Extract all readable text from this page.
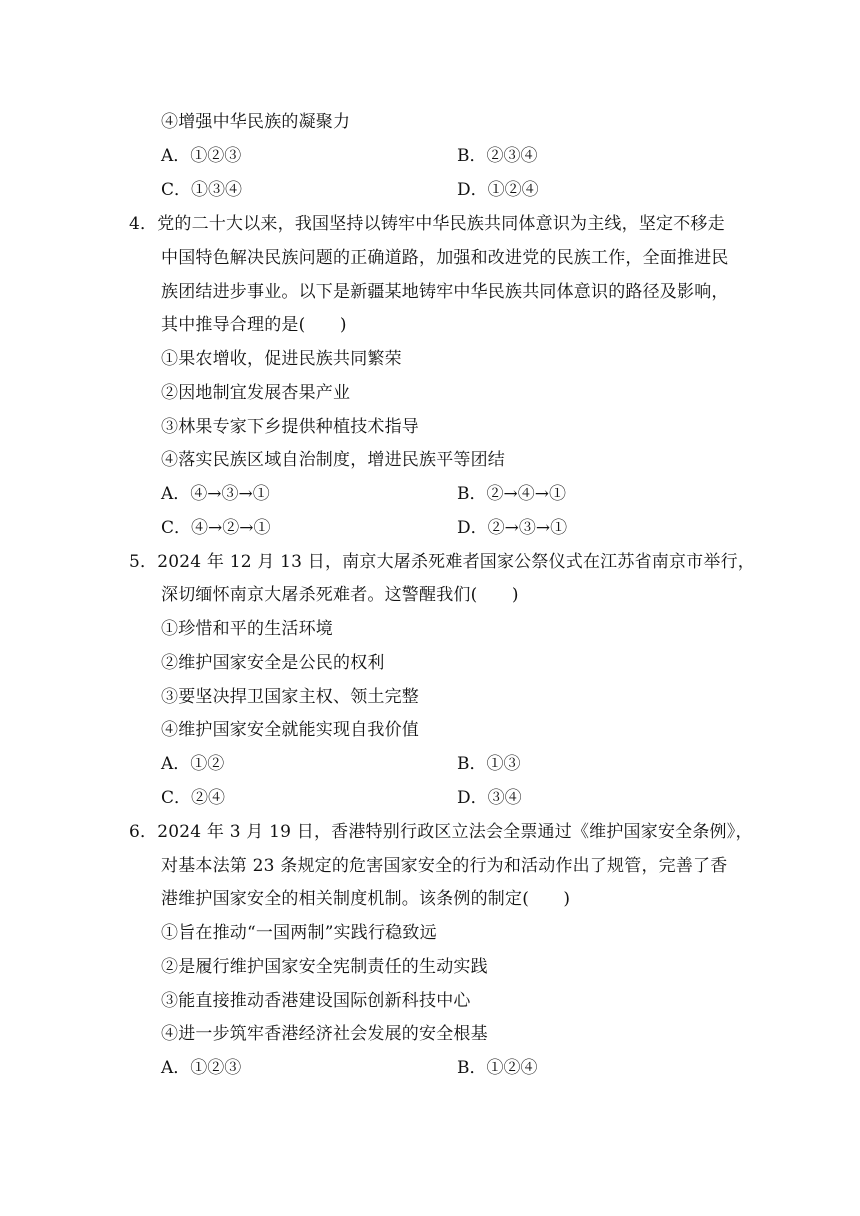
④增强中华民族的凝聚力
A．①②③	B．②③④
C．①③④	D．①②④
4．党的二十大以来，我国坚持以铸牢中华民族共同体意识为主线，坚定不移走
中国特色解决民族问题的正确道路，加强和改进党的民族工作，全面推进民
族团结进步事业。以下是新疆某地铸牢中华民族共同体意识的路径及影响，
其中推导合理的是(　　)
①果农增收，促进民族共同繁荣
②因地制宜发展杏果产业
③林果专家下乡提供种植技术指导
④落实民族区域自治制度，增进民族平等团结
A．④→③→①	B．②→④→①
C．④→②→①	D．②→③→①
5．2024 年 12 月 13 日，南京大屠杀死难者国家公祭仪式在江苏省南京市举行，
深切缅怀南京大屠杀死难者。这警醒我们(　　)
①珍惜和平的生活环境
②维护国家安全是公民的权利
③要坚决捍卫国家主权、领土完整
④维护国家安全就能实现自我价值
A．①②	B．①③
C．②④	D．③④
6．2024 年 3 月 19 日，香港特别行政区立法会全票通过《维护国家安全条例》，
对基本法第 23 条规定的危害国家安全的行为和活动作出了规管，完善了香
港维护国家安全的相关制度机制。该条例的制定(　　)
①旨在推动“一国两制”实践行稳致远
②是履行维护国家安全宪制责任的生动实践
③能直接推动香港建设国际创新科技中心
④进一步筑牢香港经济社会发展的安全根基
A．①②③	B．①②④
